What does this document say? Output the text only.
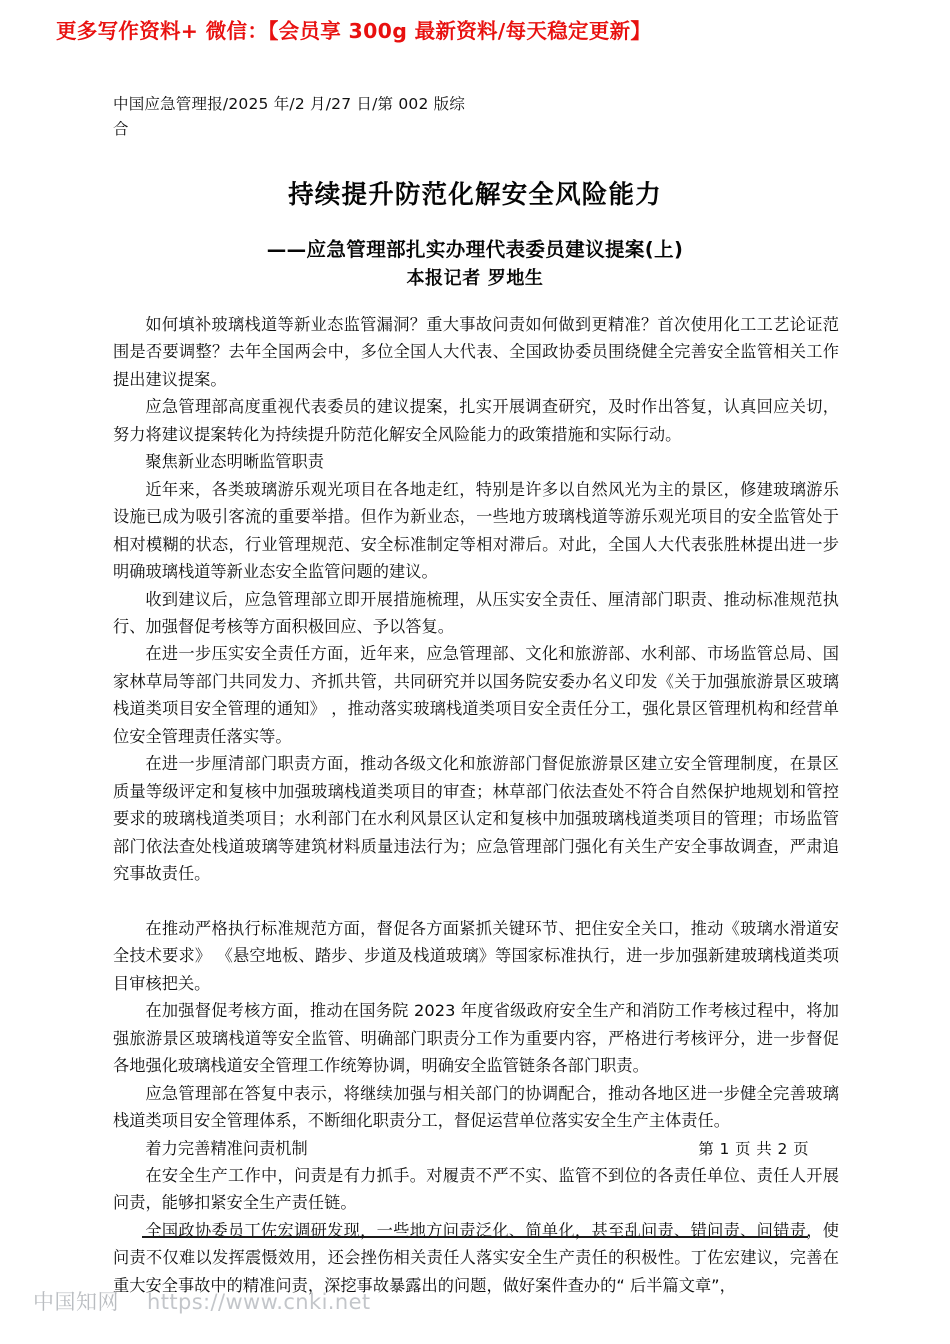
更多写作资料+ 微信：【会员享 300g 最新资料/每天稳定更新】
中国应急管理报/2025 年/2 月/27 日/第 002 版综合
持续提升防范化解安全风险能力
——应急管理部扎实办理代表委员建议提案(上)
本报记者 罗地生

如何填补玻璃栈道等新业态监管漏洞？重大事故问责如何做到更精准？首次使用化工工艺论证范围是否要调整？去年全国两会中，多位全国人大代表、全国政协委员围绕健全完善安全监管相关工作提出建议提案。

应急管理部高度重视代表委员的建议提案，扎实开展调查研究，及时作出答复，认真回应关切，努力将建议提案转化为持续提升防范化解安全风险能力的政策措施和实际行动。

聚焦新业态明晰监管职责

近年来，各类玻璃游乐观光项目在各地走红，特别是许多以自然风光为主的景区，修建玻璃游乐设施已成为吸引客流的重要举措。但作为新业态，一些地方玻璃栈道等游乐观光项目的安全监管处于相对模糊的状态，行业管理规范、安全标准制定等相对滞后。对此，全国人大代表张胜林提出进一步明确玻璃栈道等新业态安全监管问题的建议。

收到建议后，应急管理部立即开展措施梳理，从压实安全责任、厘清部门职责、推动标准规范执行、加强督促考核等方面积极回应、予以答复。

在进一步压实安全责任方面，近年来，应急管理部、文化和旅游部、水利部、市场监管总局、国家林草局等部门共同发力、齐抓共管，共同研究并以国务院安委办名义印发《关于加强旅游景区玻璃栈道类项目安全管理的通知》 ，推动落实玻璃栈道类项目安全责任分工，强化景区管理机构和经营单位安全管理责任落实等。

在进一步厘清部门职责方面，推动各级文化和旅游部门督促旅游景区建立安全管理制度，在景区质量等级评定和复核中加强玻璃栈道类项目的审查；林草部门依法查处不符合自然保护地规划和管控要求的玻璃栈道类项目；水利部门在水利风景区认定和复核中加强玻璃栈道类项目的管理；市场监管部门依法查处栈道玻璃等建筑材料质量违法行为；应急管理部门强化有关生产安全事故调查，严肃追究事故责任。

在推动严格执行标准规范方面，督促各方面紧抓关键环节、把住安全关口，推动《玻璃水滑道安全技术要求》 《悬空地板、踏步、步道及栈道玻璃》等国家标准执行，进一步加强新建玻璃栈道类项目审核把关。

在加强督促考核方面，推动在国务院 2023 年度省级政府安全生产和消防工作考核过程中，将加强旅游景区玻璃栈道等安全监管、明确部门职责分工作为重要内容，严格进行考核评分，进一步督促各地强化玻璃栈道安全管理工作统筹协调，明确安全监管链条各部门职责。

应急管理部在答复中表示，将继续加强与相关部门的协调配合，推动各地区进一步健全完善玻璃栈道类项目安全管理体系，不断细化职责分工，督促运营单位落实安全生产主体责任。

着力完善精准问责机制

在安全生产工作中，问责是有力抓手。对履责不严不实、监管不到位的各责任单位、责任人开展问责，能够扣紧安全生产责任链。

全国政协委员丁佐宏调研发现，一些地方问责泛化、简单化，甚至乱问责、错问责、问错责，使问责不仅难以发挥震慑效用，还会挫伤相关责任人落实安全生产责任的积极性。丁佐宏建议，完善在重大安全事故中的精准问责，深挖事故暴露出的问题，做好案件查办的“ 后半篇文章”，

第 1 页 共 2 页
中国知网 https://www.cnki.net
